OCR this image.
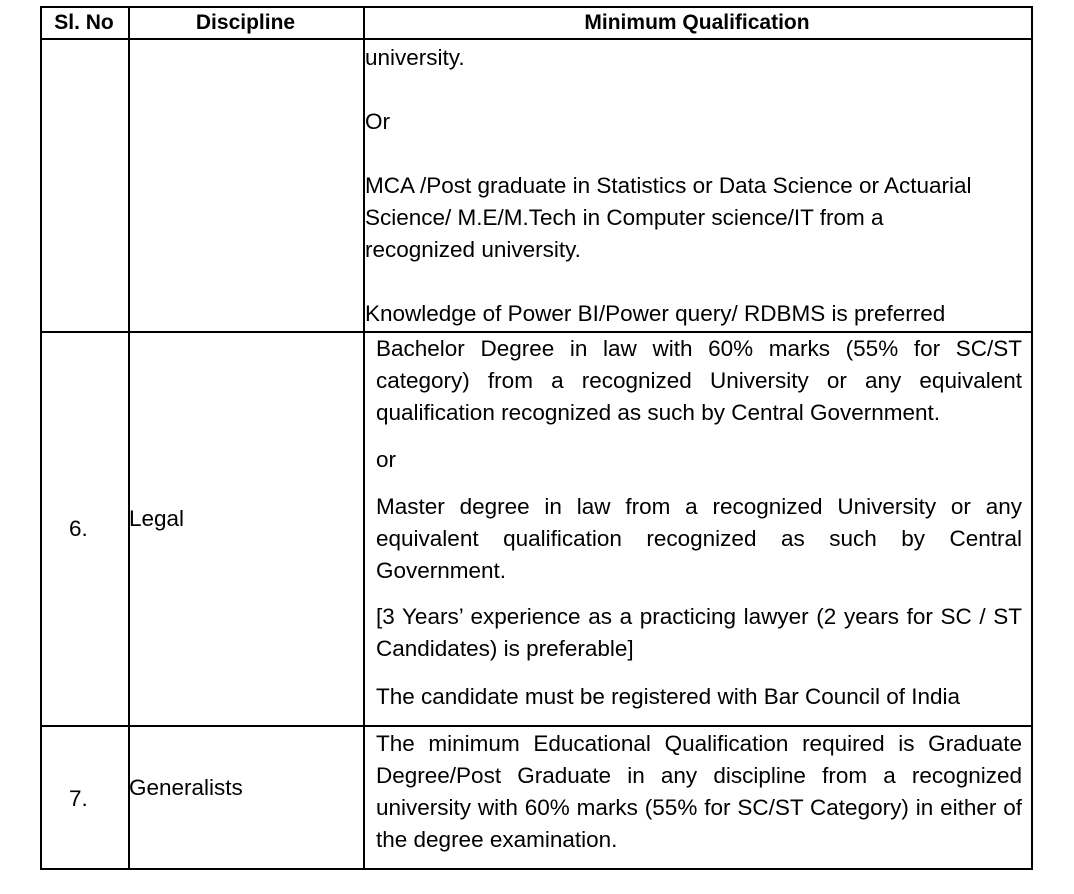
Sl. No	Discipline	Minimum Qualification
university.
Or
MCA /Post graduate in Statistics or Data Science or Actuarial
Science/ M.E/M.Tech in Computer science/IT from a
recognized university.
Knowledge of Power BI/Power query/ RDBMS is preferred
6. Legal
Bachelor Degree in law with 60% marks (55% for SC/ST category) from a recognized University or any equivalent qualification recognized as such by Central Government.
or
Master degree in law from a recognized University or any equivalent qualification recognized as such by Central Government.
[3 Years’ experience as a practicing lawyer (2 years for SC / ST Candidates) is preferable]
The candidate must be registered with Bar Council of India
7. Generalists
The minimum Educational Qualification required is Graduate Degree/Post Graduate in any discipline from a recognized university with 60% marks (55% for SC/ST Category) in either of the degree examination.
